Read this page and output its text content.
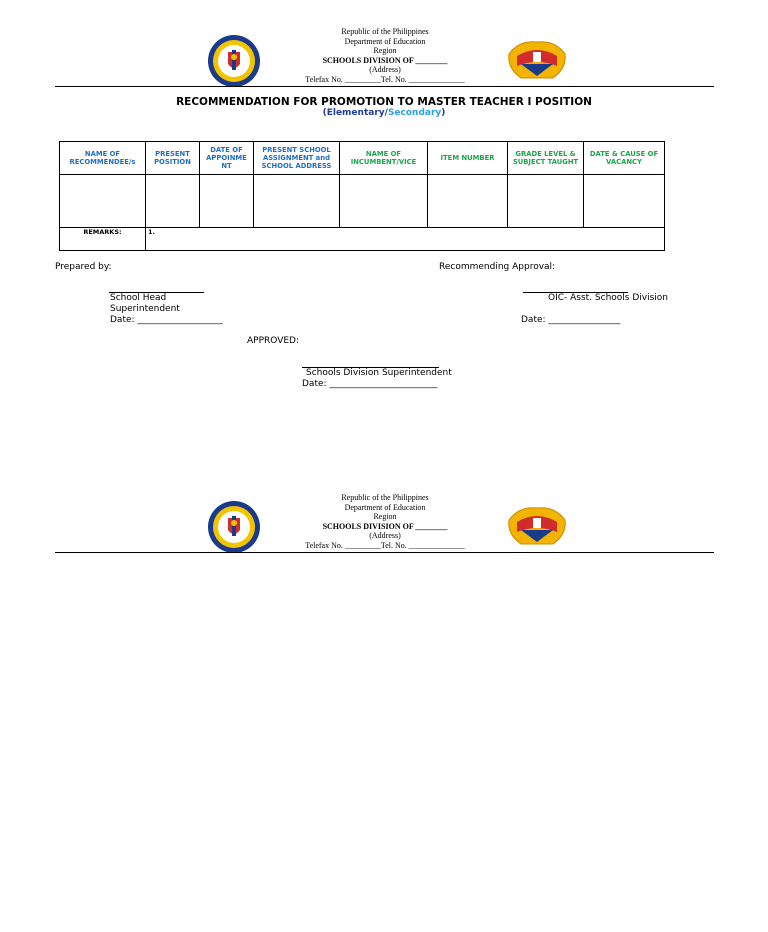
Republic of the Philippines
Department of Education
Region
SCHOOLS DIVISION OF ________
(Address)
Telefax No. _________Tel. No. ______________
RECOMMENDATION FOR PROMOTION TO MASTER TEACHER I POSITION
(Elementary/Secondary)
NAME OF RECOMMENDEE/s	PRESENT POSITION	DATE OF APPOINME NT	PRESENT SCHOOL ASSIGNMENT and SCHOOL ADDRESS	NAME OF INCUMBENT/VICE	ITEM NUMBER	GRADE LEVEL & SUBJECT TAUGHT	DATE & CAUSE OF VACANCY

REMARKS:	1.						
Prepared by:	Recommending Approval:
School Head
Superintendent
Date: ___________________
OIC- Asst. Schools Division
Date: ________________
APPROVED:
Schools Division Superintendent
Date: ________________________
Republic of the Philippines
Department of Education
Region
SCHOOLS DIVISION OF ________
(Address)
Telefax No. _________Tel. No. ______________
